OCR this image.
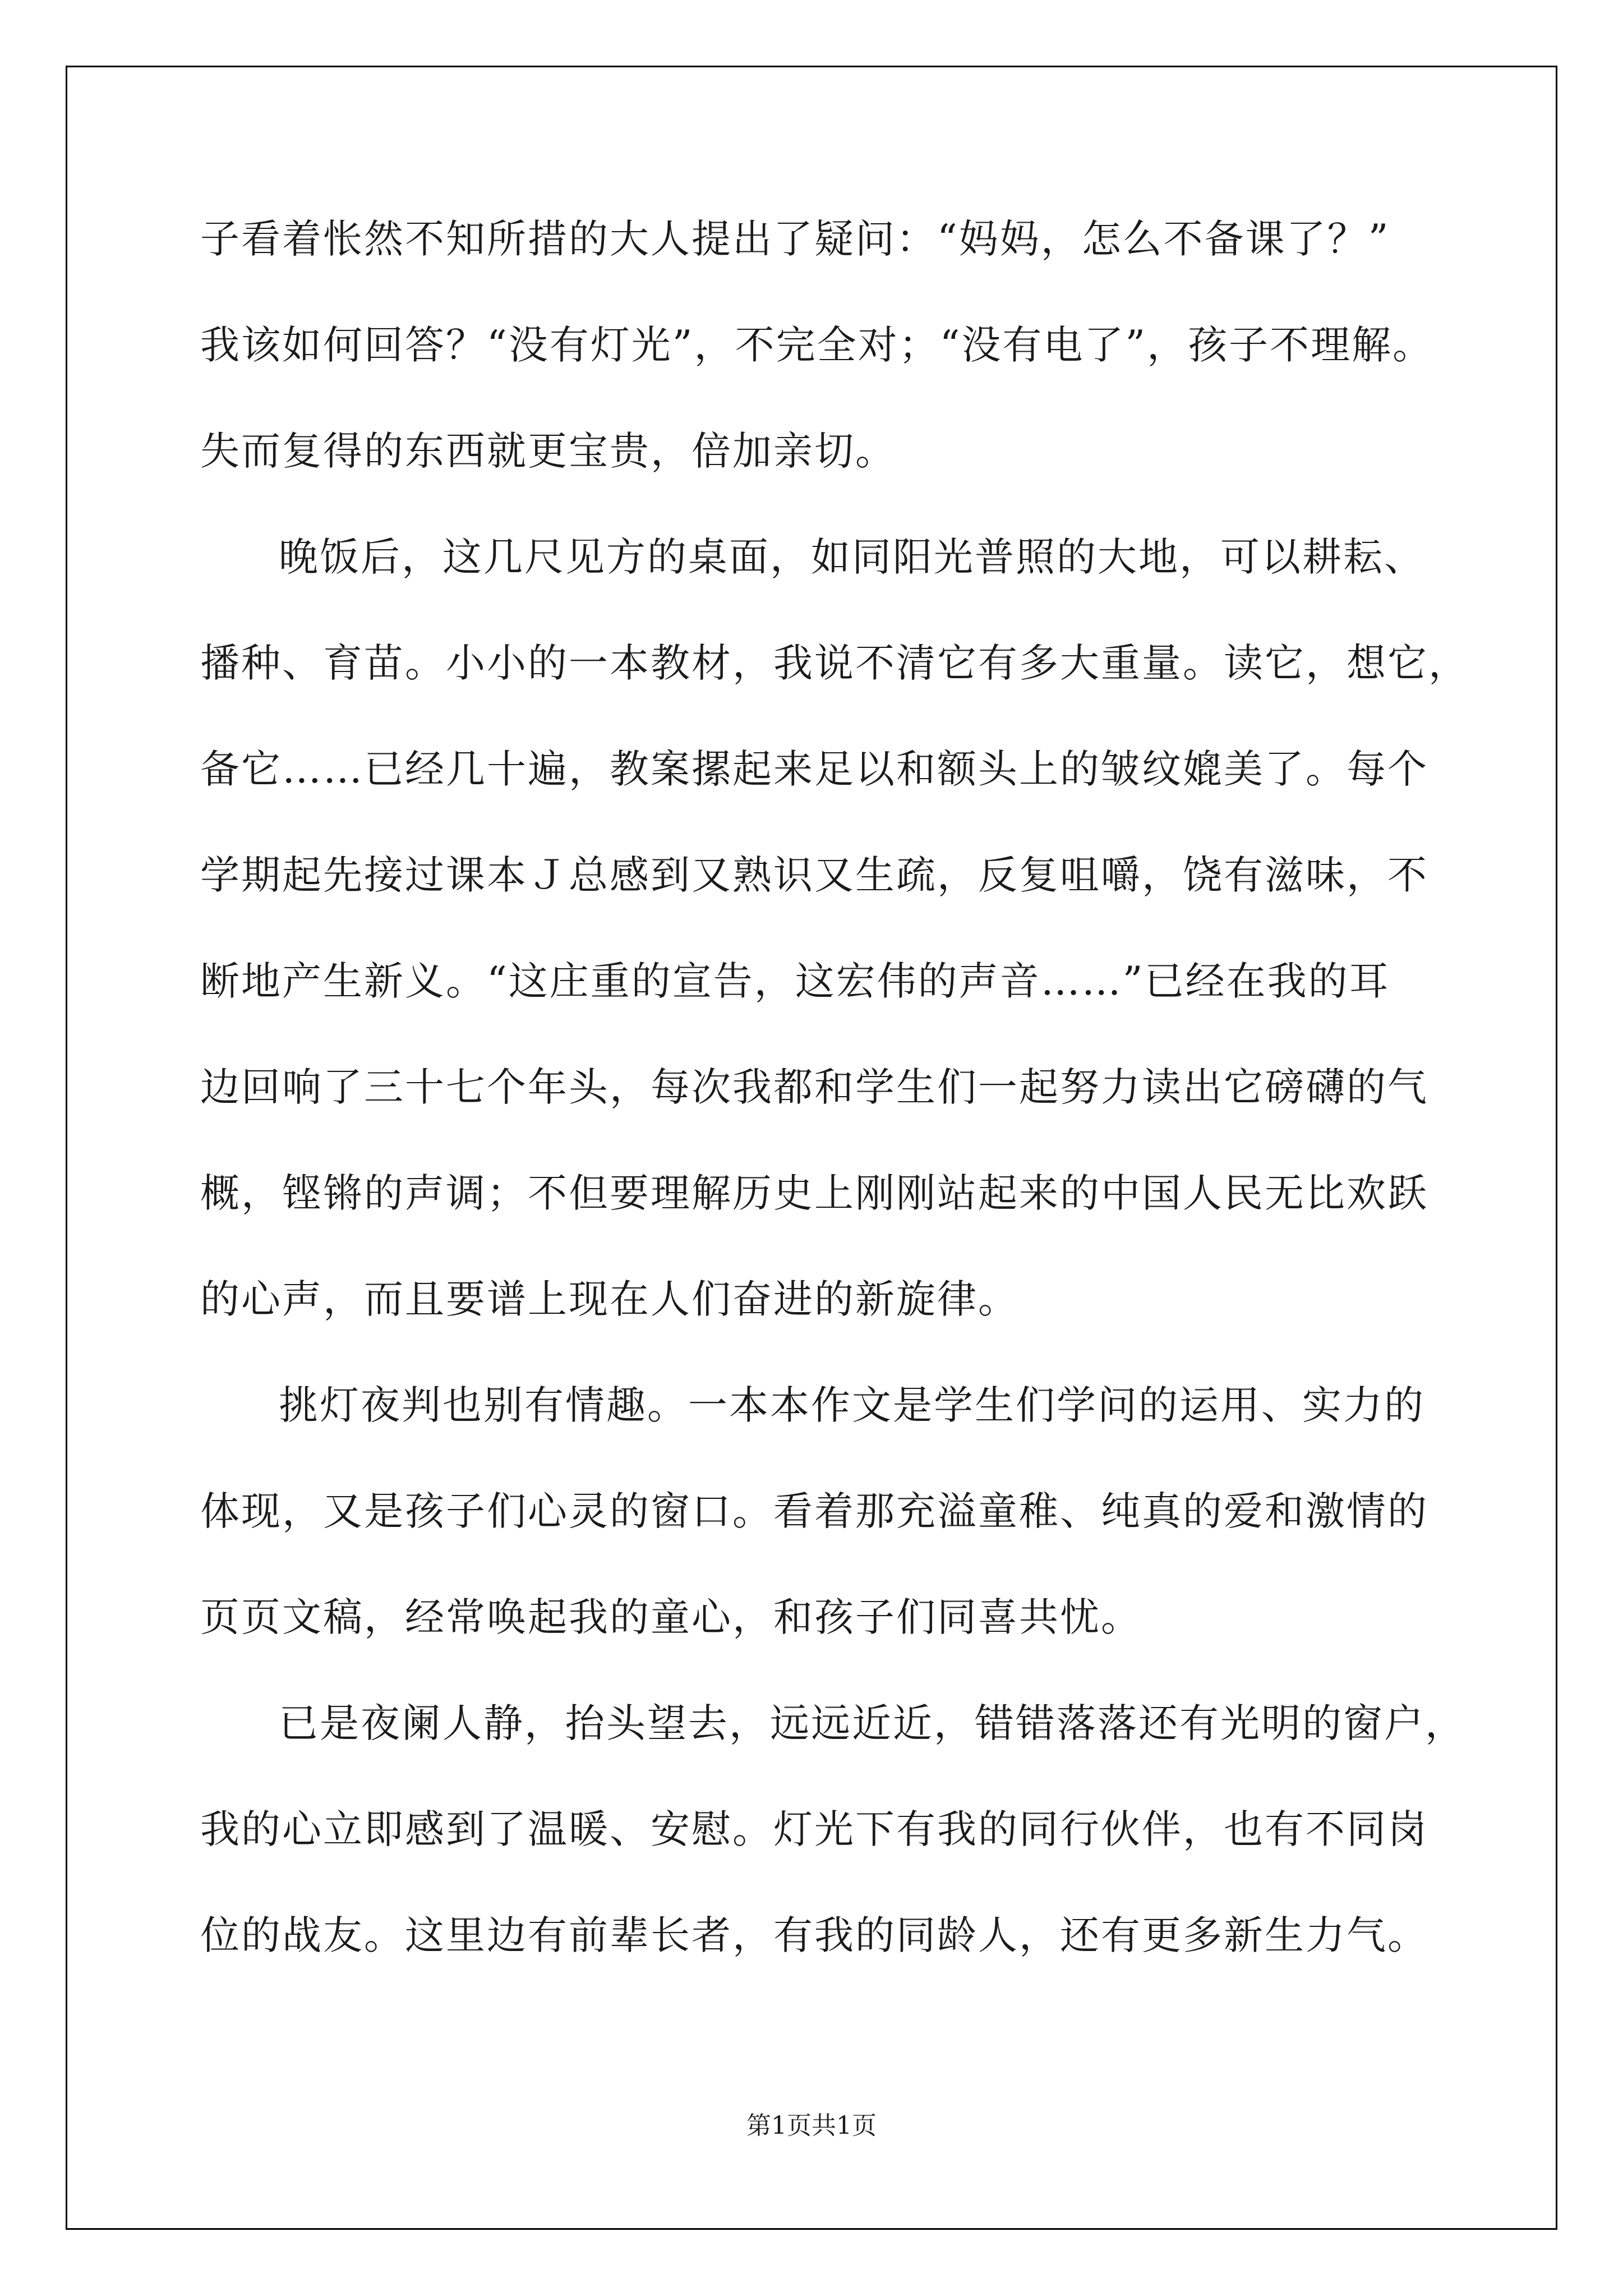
子看着怅然不知所措的大人提出了疑问：“妈妈，怎么不备课了？”
我该如何回答？“没有灯光”，不完全对；“没有电了”，孩子不理解。
失而复得的东西就更宝贵，倍加亲切。

晚饭后，这几尺见方的桌面，如同阳光普照的大地，可以耕耘、
播种、育苗。小小的一本教材，我说不清它有多大重量。读它，想它，
备它……已经几十遍，教案摞起来足以和额头上的皱纹媲美了。每个
学期起先接过课本Ｊ总感到又熟识又生疏，反复咀嚼，饶有滋味，不
断地产生新义。“这庄重的宣告，这宏伟的声音……”已经在我的耳
边回响了三十七个年头，每次我都和学生们一起努力读出它磅礴的气
概，铿锵的声调；不但要理解历史上刚刚站起来的中国人民无比欢跃
的心声，而且要谱上现在人们奋进的新旋律。

挑灯夜判也别有情趣。一本本作文是学生们学问的运用、实力的
体现，又是孩子们心灵的窗口。看着那充溢童稚、纯真的爱和激情的
页页文稿，经常唤起我的童心，和孩子们同喜共忧。

已是夜阑人静，抬头望去，远远近近，错错落落还有光明的窗户，
我的心立即感到了温暖、安慰。灯光下有我的同行伙伴，也有不同岗
位的战友。这里边有前辈长者，有我的同龄人，还有更多新生力气。

第1页共1页
